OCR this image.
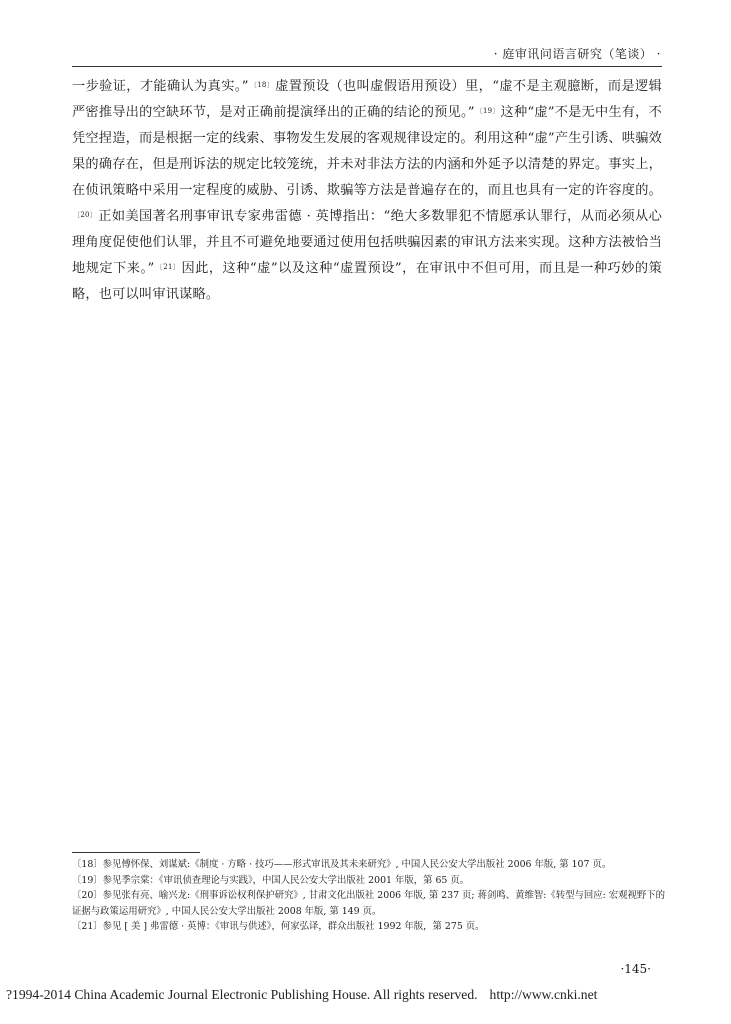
· 庭审讯问语言研究（笔谈） ·

一步验证，才能确认为真实。”$^{〔18〕}$虚置预设（也叫虚假语用预设）里，“虚不是主观臆断，而是逻辑严密推导出的空缺环节，是对正确前提演绎出的正确的结论的预见。”$^{〔19〕}$这种“虚”不是无中生有，不凭空捏造，而是根据一定的线索、事物发生发展的客观规律设定的。利用这种“虚”产生引诱、哄骗效果的确存在，但是刑诉法的规定比较笼统，并未对非法方法的内涵和外延予以清楚的界定。事实上，在侦讯策略中采用一定程度的威胁、引诱、欺骗等方法是普遍存在的，而且也具有一定的许容度的。$^{〔20〕}$正如美国著名刑事审讯专家弗雷德 · 英博指出：“绝大多数罪犯不情愿承认罪行，从而必须从心理角度促使他们认罪，并且不可避免地要通过使用包括哄骗因素的审讯方法来实现。这种方法被恰当地规定下来。”$^{〔21〕}$因此，这种“虚”以及这种“虚置预设”，在审讯中不但可用，而且是一种巧妙的策略，也可以叫审讯谋略。

〔18〕参见傅怀保、刘谋斌:《制度 · 方略 · 技巧——形式审讯及其未来研究》, 中国人民公安大学出版社 2006 年版, 第 107 页。

〔19〕参见季宗棠：《审讯侦查理论与实践》，中国人民公安大学出版社 2001 年版，第 65 页。

〔20〕参见张有亮、喻兴龙:《刑事诉讼权利保护研究》, 甘肃文化出版社 2006 年版, 第 237 页; 蒋剑鸣、黄维智:《转型与回应: 宏观视野下的证据与政策运用研究》, 中国人民公安大学出版社 2008 年版, 第 149 页。

〔21〕参见 [ 美 ] 弗雷德 · 英博：《审讯与供述》，何家弘译，群众出版社 1992 年版，第 275 页。

·145·
?1994-2014 China Academic Journal Electronic Publishing House. All rights reserved. http://www.cnki.net
